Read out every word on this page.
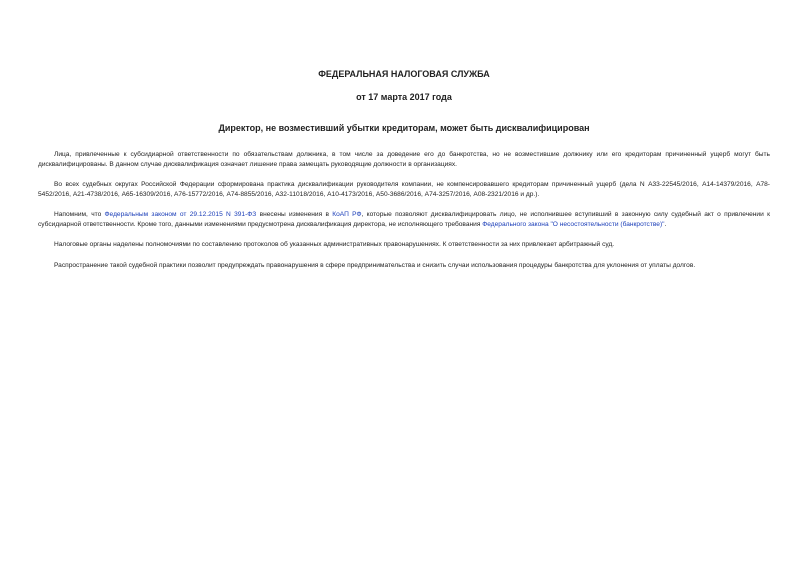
ФЕДЕРАЛЬНАЯ НАЛОГОВАЯ СЛУЖБА
от 17 марта 2017 года
Директор, не возместивший убытки кредиторам, может быть дисквалифицирован

Лица, привлеченные к субсидиарной ответственности по обязательствам должника, в том числе за доведение его до банкротства, но не возместившие должнику или его кредиторам причиненный ущерб могут быть дисквалифицированы. В данном случае дисквалификация означает лишение права замещать руководящие должности в организациях.

Во всех судебных округах Российской Федерации сформирована практика дисквалификации руководителя компании, не компенсировавшего кредиторам причиненный ущерб (дела N А33-22545/2016, А14-14379/2016, А78-5452/2016, А21-4738/2016, А65-16309/2016, А76-15772/2016, А74-8855/2016, А32-11018/2016, А10-4173/2016, А50-3686/2016, А74-3257/2016, А08-2321/2016 и др.).

Напомним, что Федеральным законом от 29.12.2015 N 391-ФЗ внесены изменения в КоАП РФ, которые позволяют дисквалифицировать лицо, не исполнившее вступивший в законную силу судебный акт о привлечении к субсидиарной ответственности. Кроме того, данными изменениями предусмотрена дисквалификация директора, не исполняющего требования Федерального закона "О несостоятельности (банкротстве)".

Налоговые органы наделены полномочиями по составлению протоколов об указанных административных правонарушениях. К ответственности за них привлекает арбитражный суд.

Распространение такой судебной практики позволит предупреждать правонарушения в сфере предпринимательства и снизить случаи использования процедуры банкротства для уклонения от уплаты долгов.
